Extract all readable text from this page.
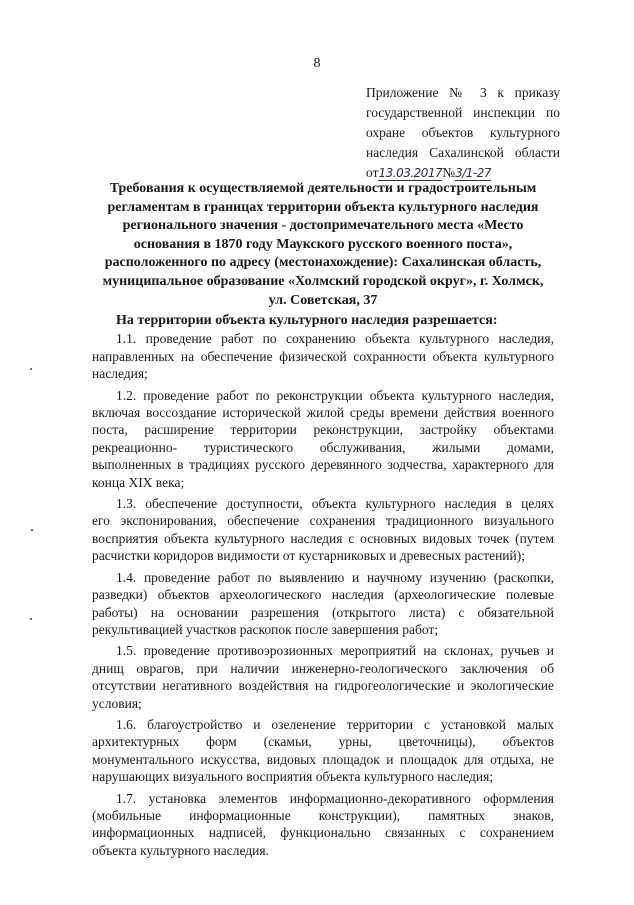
8
Приложение № 3 к приказу
государственной инспекции по
охране объектов культурного
наследия Сахалинской области
от13.03.2017№3/1-27
Требования к осуществляемой деятельности и градостроительным
регламентам в границах территории объекта культурного наследия
регионального значения - достопримечательного места «Место
основания в 1870 году Маукского русского военного поста»,
расположенного по адресу (местонахождение): Сахалинская область,
муниципальное образование «Холмский городской округ», г. Холмск,
ул. Советская, 37
На территории объекта культурного наследия разрешается:
1.1. проведение работ по сохранению объекта культурного наследия,
направленных на обеспечение физической сохранности объекта культурного
наследия;
1.2. проведение работ по реконструкции объекта культурного наследия,
включая воссоздание исторической жилой среды времени действия военного
поста, расширение территории реконструкции, застройку объектами
рекреационно- туристического обслуживания, жилыми домами,
выполненных в традициях русского деревянного зодчества, характерного для
конца XIX века;
1.3. обеспечение доступности, объекта культурного наследия в целях
его экспонирования, обеспечение сохранения традиционного визуального
восприятия объекта культурного наследия с основных видовых точек (путем
расчистки коридоров видимости от кустарниковых и древесных растений);
1.4. проведение работ по выявлению и научному изучению (раскопки,
разведки) объектов археологического наследия (археологические полевые
работы) на основании разрешения (открытого листа) с обязательной
рекультивацией участков раскопок после завершения работ;
1.5. проведение противоэрозионных мероприятий на склонах, ручьев и
днищ оврагов, при наличии инженерно-геологического заключения об
отсутствии негативного воздействия на гидрогеологические и экологические
условия;
1.6. благоустройство и озеленение территории с установкой малых
архитектурных форм (скамьи, урны, цветочницы), объектов
монументального искусства, видовых площадок и площадок для отдыха, не
нарушающих визуального восприятия объекта культурного наследия;
1.7. установка элементов информационно-декоративного оформления
(мобильные информационные конструкции), памятных знаков,
информационных надписей, функционально связанных с сохранением
объекта культурного наследия.
